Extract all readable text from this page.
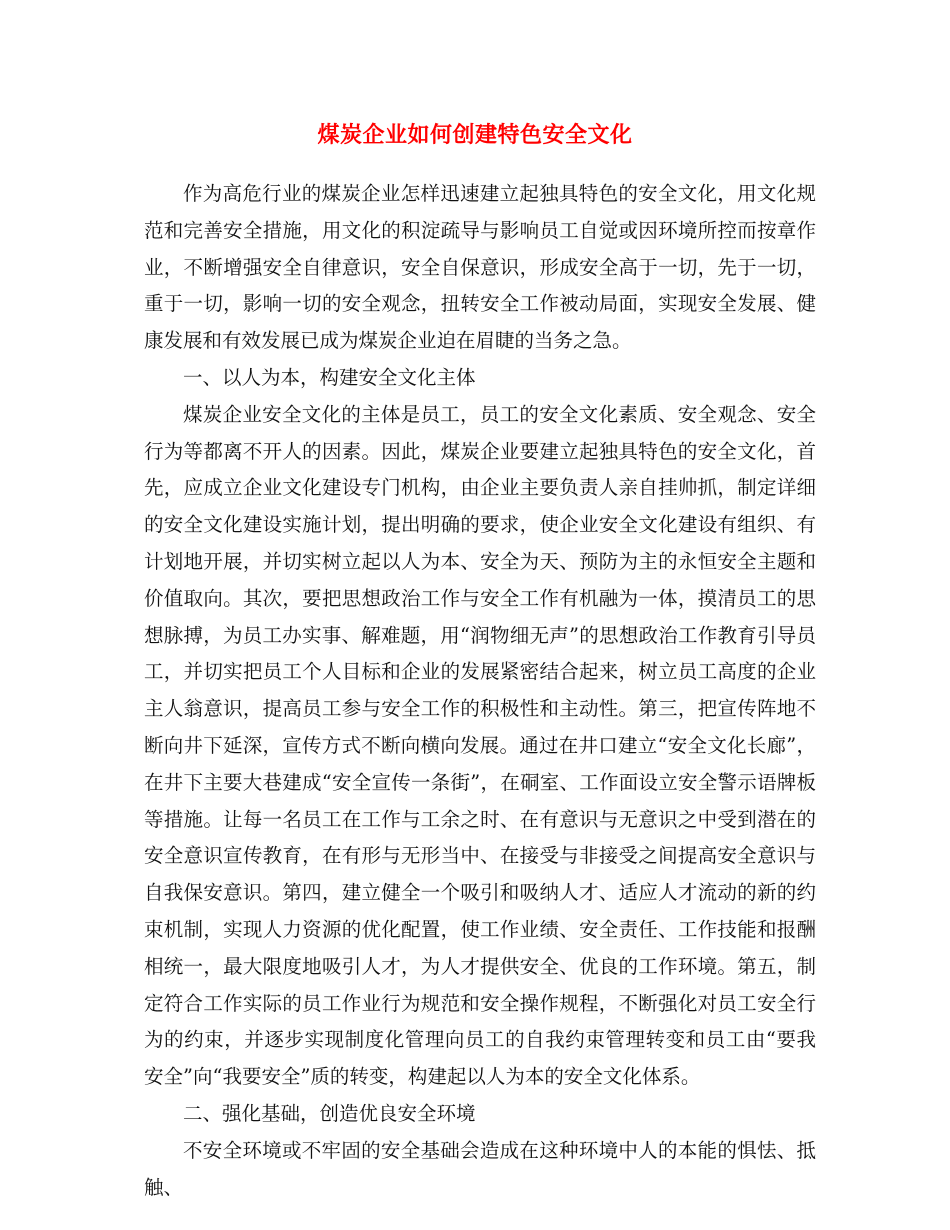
煤炭企业如何创建特色安全文化

作为高危行业的煤炭企业怎样迅速建立起独具特色的安全文化，用文化规范和完善安全措施，用文化的积淀疏导与影响员工自觉或因环境所控而按章作业，不断增强安全自律意识，安全自保意识，形成安全高于一切，先于一切，重于一切，影响一切的安全观念，扭转安全工作被动局面，实现安全发展、健康发展和有效发展已成为煤炭企业迫在眉睫的当务之急。

一、以人为本，构建安全文化主体

煤炭企业安全文化的主体是员工，员工的安全文化素质、安全观念、安全行为等都离不开人的因素。因此，煤炭企业要建立起独具特色的安全文化，首先，应成立企业文化建设专门机构，由企业主要负责人亲自挂帅抓，制定详细的安全文化建设实施计划，提出明确的要求，使企业安全文化建设有组织、有计划地开展，并切实树立起以人为本、安全为天、预防为主的永恒安全主题和价值取向。其次，要把思想政治工作与安全工作有机融为一体，摸清员工的思想脉搏，为员工办实事、解难题，用“润物细无声”的思想政治工作教育引导员工，并切实把员工个人目标和企业的发展紧密结合起来，树立员工高度的企业主人翁意识，提高员工参与安全工作的积极性和主动性。第三，把宣传阵地不断向井下延深，宣传方式不断向横向发展。通过在井口建立“安全文化长廊”，在井下主要大巷建成“安全宣传一条街”，在硐室、工作面设立安全警示语牌板等措施。让每一名员工在工作与工余之时、在有意识与无意识之中受到潜在的安全意识宣传教育，在有形与无形当中、在接受与非接受之间提高安全意识与自我保安意识。第四，建立健全一个吸引和吸纳人才、适应人才流动的新的约束机制，实现人力资源的优化配置，使工作业绩、安全责任、工作技能和报酬相统一，最大限度地吸引人才，为人才提供安全、优良的工作环境。第五，制定符合工作实际的员工作业行为规范和安全操作规程，不断强化对员工安全行为的约束，并逐步实现制度化管理向员工的自我约束管理转变和员工由“要我安全”向“我要安全”质的转变，构建起以人为本的安全文化体系。

二、强化基础，创造优良安全环境

不安全环境或不牢固的安全基础会造成在这种环境中人的本能的惧怯、抵触、
